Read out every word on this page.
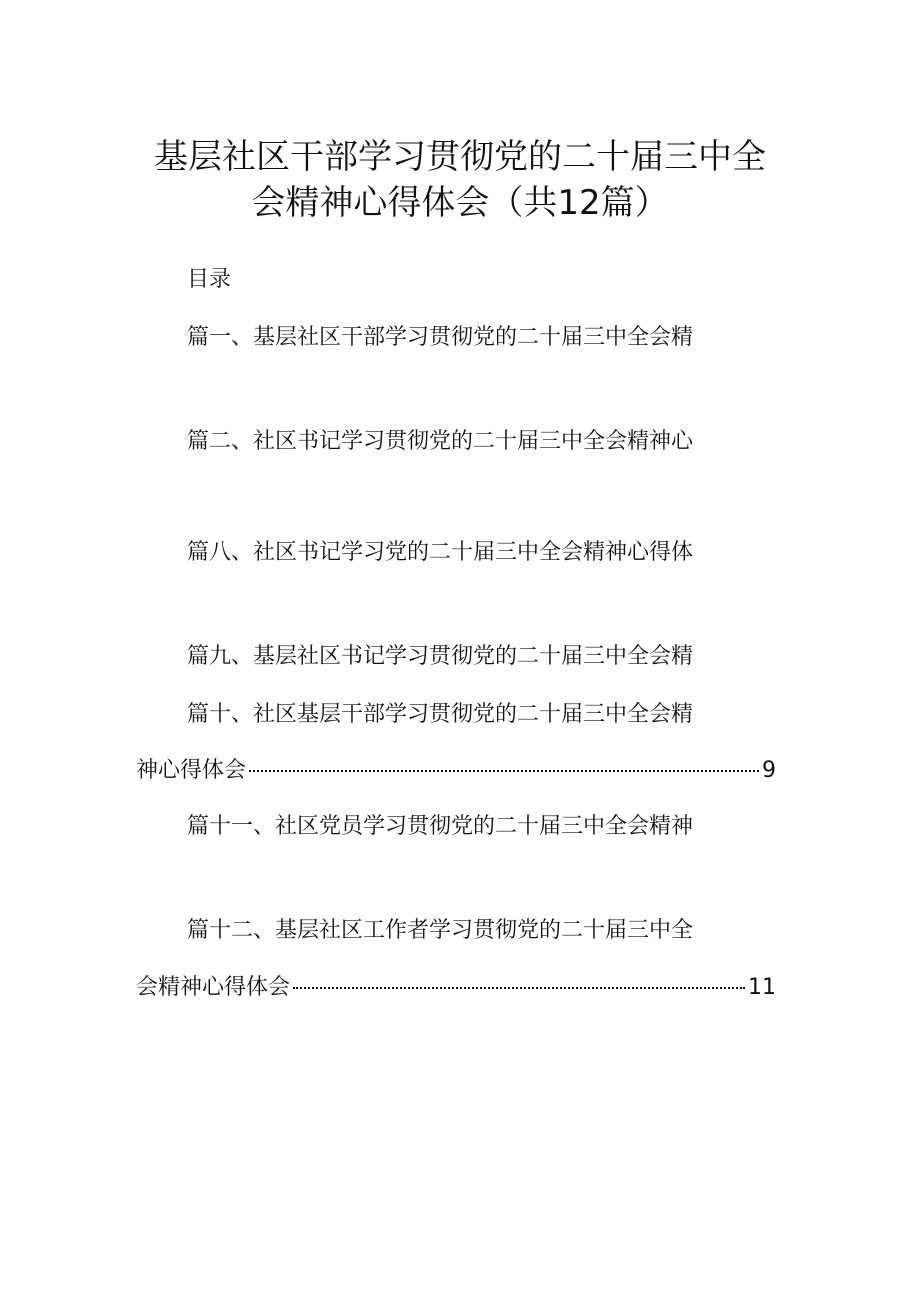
基层社区干部学习贯彻党的二十届三中全
会精神心得体会（共12篇）
目录
篇一、基层社区干部学习贯彻党的二十届三中全会精
篇二、社区书记学习贯彻党的二十届三中全会精神心
篇八、社区书记学习党的二十届三中全会精神心得体
篇九、基层社区书记学习贯彻党的二十届三中全会精
篇十、社区基层干部学习贯彻党的二十届三中全会精
神心得体会	9
篇十一、社区党员学习贯彻党的二十届三中全会精神
篇十二、基层社区工作者学习贯彻党的二十届三中全
会精神心得体会	11
